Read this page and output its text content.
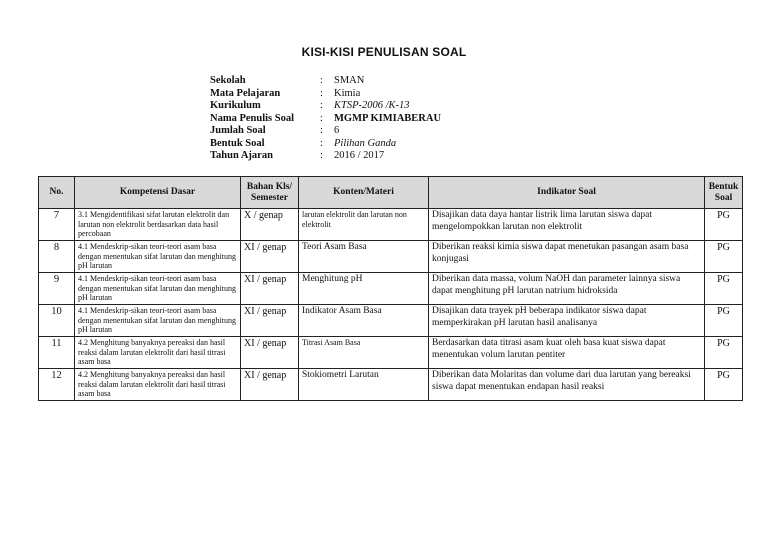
KISI-KISI PENULISAN SOAL
Sekolah	: SMAN
Mata Pelajaran	: Kimia
Kurikulum	: KTSP-2006 /K-13
Nama Penulis Soal : MGMP KIMIABERAU
Jumlah Soal	: 6
Bentuk Soal	: Pilihan Ganda
Tahun Ajaran	: 2016 / 2017
No.	Kompetensi Dasar	Bahan Kls/ Semester	Konten/Materi	Indikator Soal	Bentuk Soal
7	3.1 Mengidentifikasi sifat larutan elektrolit dan larutan non elektrolit berdasarkan data hasil percobaan	X / genap	larutan elektrolit dan larutan non elektrolit	Disajikan data daya hantar listrik lima larutan siswa dapat mengelompokkan larutan non elektrolit	PG
8	4.1 Mendeskrip-sikan teori-teori asam basa dengan menentukan sifat larutan dan menghitung pH larutan	XI / genap	Teori Asam Basa	Diberikan reaksi kimia siswa dapat menetukan pasangan asam basa konjugasi	PG
9	4.1 Mendeskrip-sikan teori-teori asam basa dengan menentukan sifat larutan dan menghitung pH larutan	XI / genap	Menghitung pH	Diberikan data massa, volum NaOH dan parameter lainnya siswa dapat menghitung pH larutan natrium hidroksida	PG
10	4.1 Mendeskrip-sikan teori-teori asam basa dengan menentukan sifat larutan dan menghitung pH larutan	XI / genap	Indikator Asam Basa	Disajikan data trayek pH beberapa indikator siswa dapat memperkirakan pH larutan hasil analisanya	PG
11	4.2 Menghitung banyaknya pereaksi dan hasil reaksi dalam larutan elektrolit dari hasil titrasi asam basa	XI / genap	Titrasi Asam Basa	Berdasarkan data titrasi asam kuat oleh basa kuat siswa dapat menentukan volum larutan pentiter	PG
12	4.2 Menghitung banyaknya pereaksi dan hasil reaksi dalam larutan elektrolit dari hasil titrasi asam basa	XI / genap	Stokiometri Larutan	Diberikan data Molaritas dan volume dari dua larutan yang bereaksi siswa dapat menentukan endapan hasil reaksi	PG
